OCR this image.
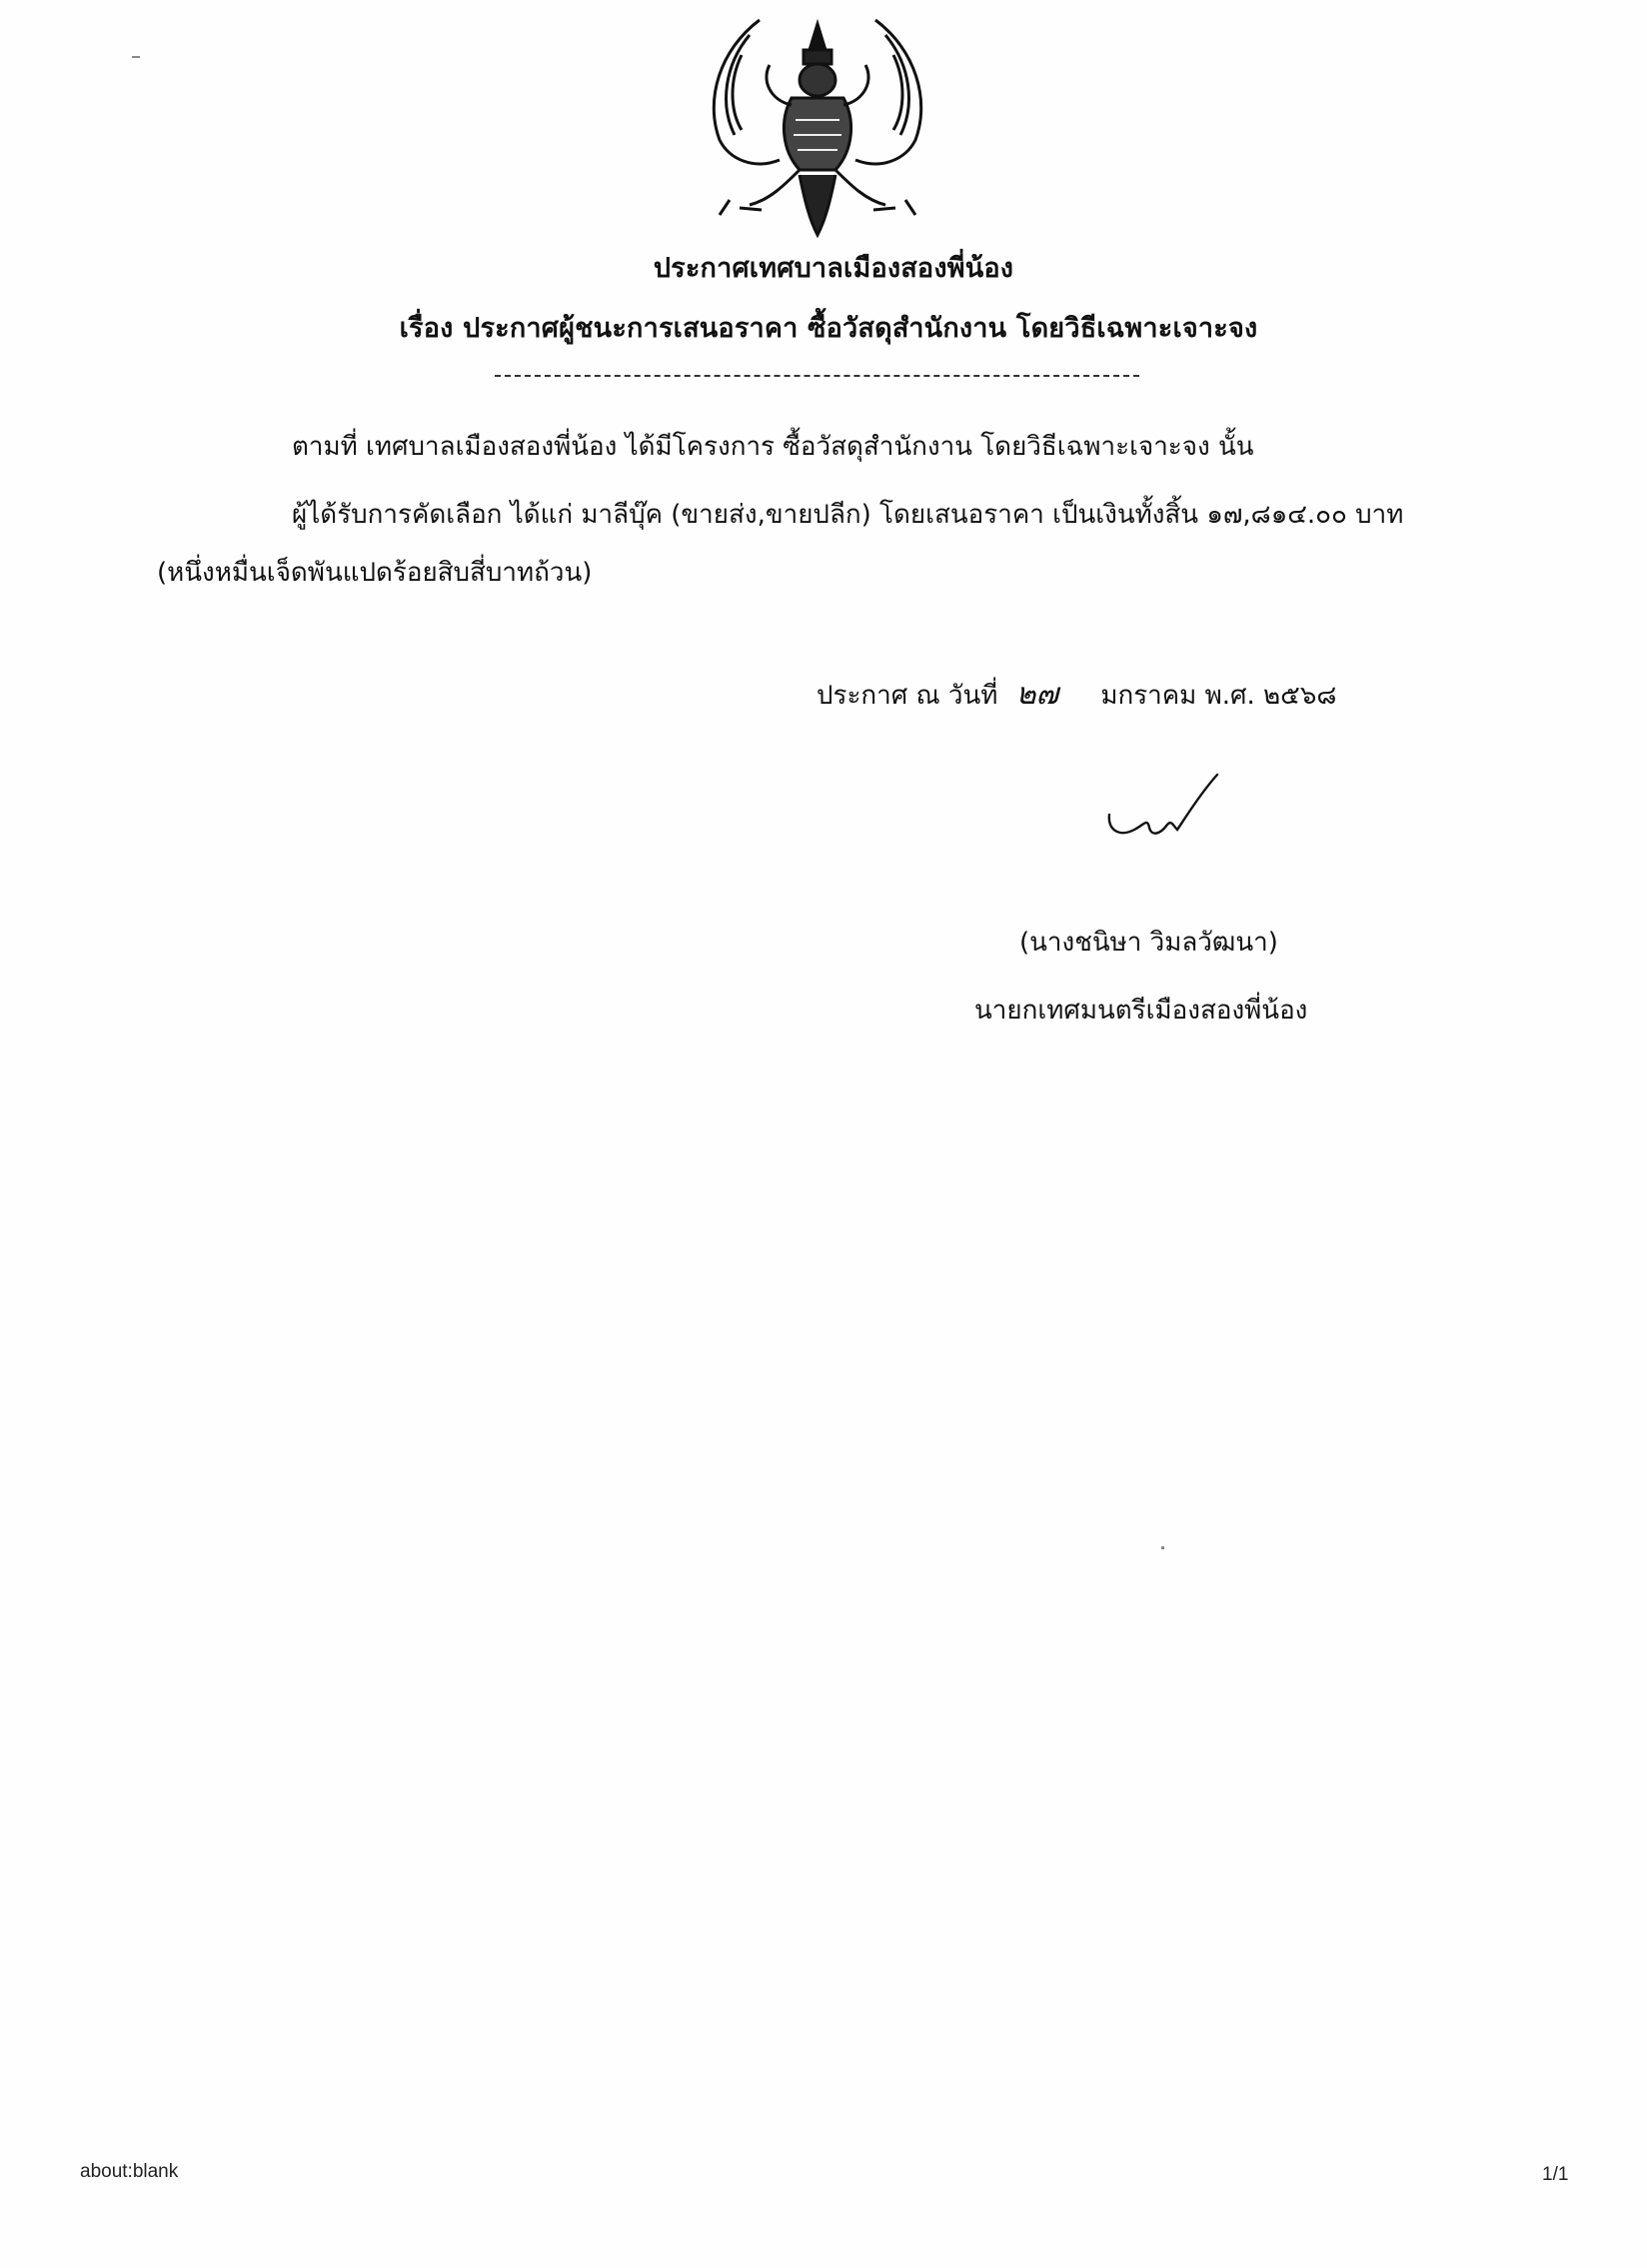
ประกาศเทศบาลเมืองสองพี่น้อง
เรื่อง ประกาศผู้ชนะการเสนอราคา ซื้อวัสดุสำนักงาน โดยวิธีเฉพาะเจาะจง
ตามที่ เทศบาลเมืองสองพี่น้อง ได้มีโครงการ ซื้อวัสดุสำนักงาน โดยวิธีเฉพาะเจาะจง นั้น
ผู้ได้รับการคัดเลือก ได้แก่ มาลีบุ๊ค (ขายส่ง,ขายปลีก) โดยเสนอราคา เป็นเงินทั้งสิ้น ๑๗,๘๑๔.๐๐ บาท
(หนึ่งหมื่นเจ็ดพันแปดร้อยสิบสี่บาทถ้วน)
ประกาศ ณ วันที่ ๒๗ มกราคม พ.ศ. ๒๕๖๘
(นางชนิษา วิมลวัฒนา)
นายกเทศมนตรีเมืองสองพี่น้อง
about:blank	1/1
